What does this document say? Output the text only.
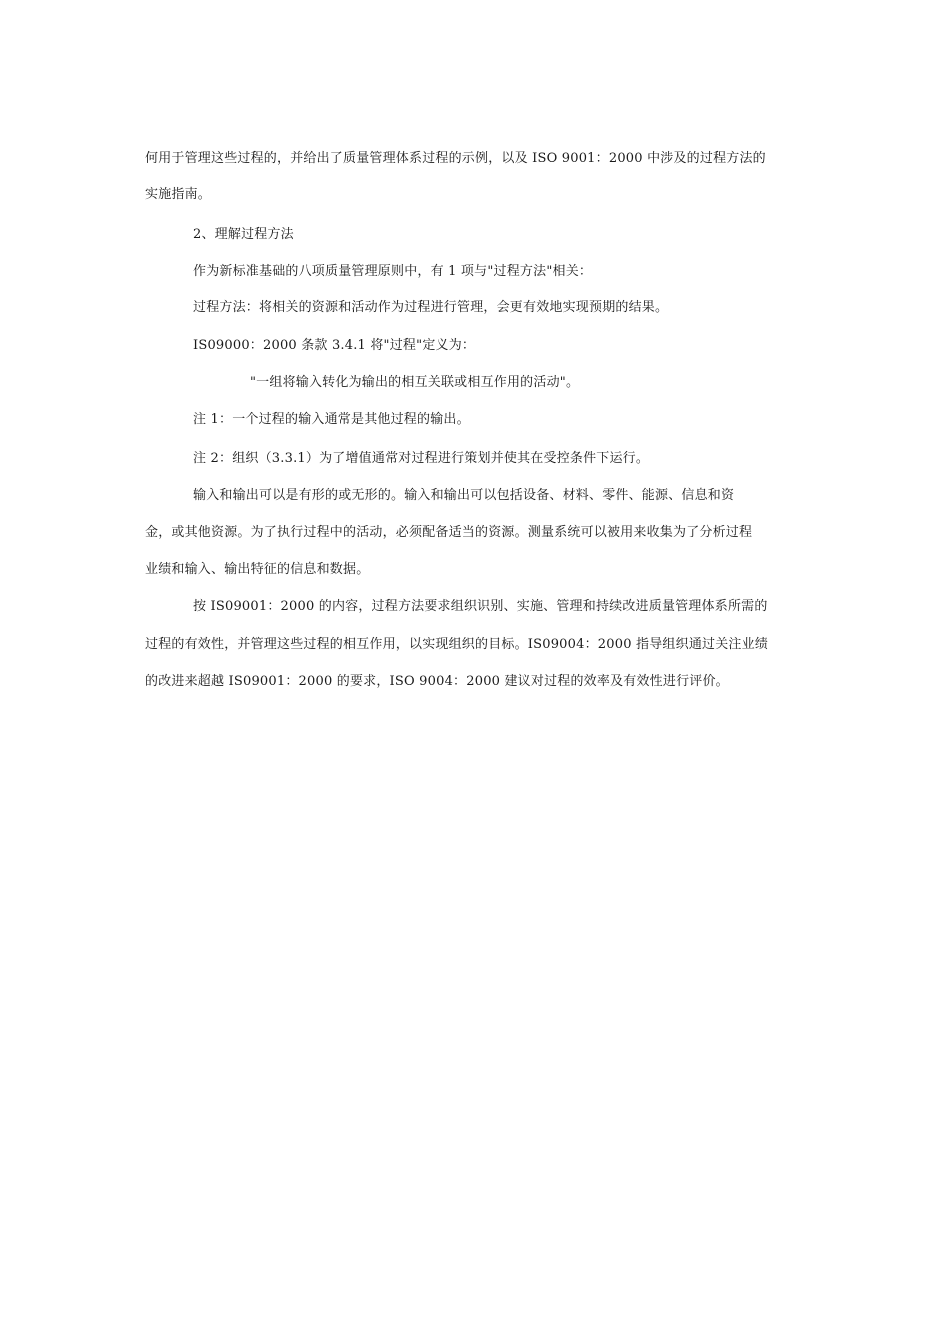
何用于管理这些过程的，并给出了质量管理体系过程的示例，以及 ISO 9001：2000 中涉及的过程方法的
实施指南。
2、理解过程方法
作为新标准基础的八项质量管理原则中，有 1 项与"过程方法"相关：
过程方法：将相关的资源和活动作为过程进行管理，会更有效地实现预期的结果。
IS09000：2000 条款 3.4.1 将"过程"定义为：
"一组将输入转化为输出的相互关联或相互作用的活动"。
注 1：一个过程的输入通常是其他过程的输出。
注 2：组织（3.3.1）为了增值通常对过程进行策划并使其在受控条件下运行。
输入和输出可以是有形的或无形的。输入和输出可以包括设备、材料、零件、能源、信息和资
金，或其他资源。为了执行过程中的活动，必须配备适当的资源。测量系统可以被用来收集为了分析过程
业绩和输入、输出特征的信息和数据。
按 IS09001：2000 的内容，过程方法要求组织识别、实施、管理和持续改进质量管理体系所需的
过程的有效性，并管理这些过程的相互作用，以实现组织的目标。IS09004：2000 指导组织通过关注业绩
的改进来超越 IS09001：2000 的要求，ISO 9004：2000 建议对过程的效率及有效性进行评价。
